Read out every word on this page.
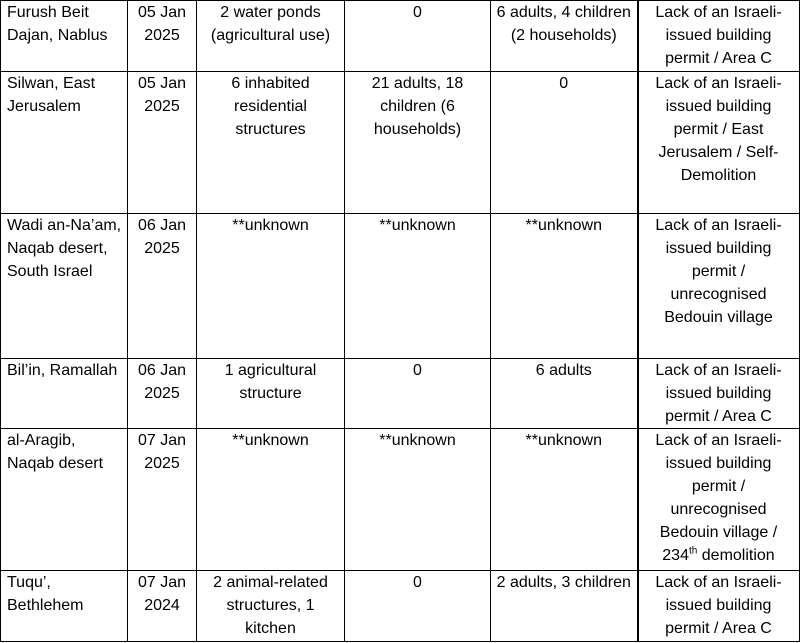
Furush Beit Dajan, Nablus	05 Jan 2025	2 water ponds (agricultural use)	0	6 adults, 4 children (2 households)	Lack of an Israeli-issued building permit / Area C
Silwan, East Jerusalem	05 Jan 2025	6 inhabited residential structures	21 adults, 18 children (6 households)	0	Lack of an Israeli-issued building permit / East Jerusalem / Self-Demolition
Wadi an-Na’am, Naqab desert, South Israel	06 Jan 2025	**unknown	**unknown	**unknown	Lack of an Israeli-issued building permit / unrecognised Bedouin village
Bil’in, Ramallah	06 Jan 2025	1 agricultural structure	0	6 adults	Lack of an Israeli-issued building permit / Area C
al-Aragib, Naqab desert	07 Jan 2025	**unknown	**unknown	**unknown	Lack of an Israeli-issued building permit / unrecognised Bedouin village / 234th demolition
Tuqu’, Bethlehem	07 Jan 2024	2 animal-related structures, 1 kitchen	0	2 adults, 3 children	Lack of an Israeli-issued building permit / Area C
